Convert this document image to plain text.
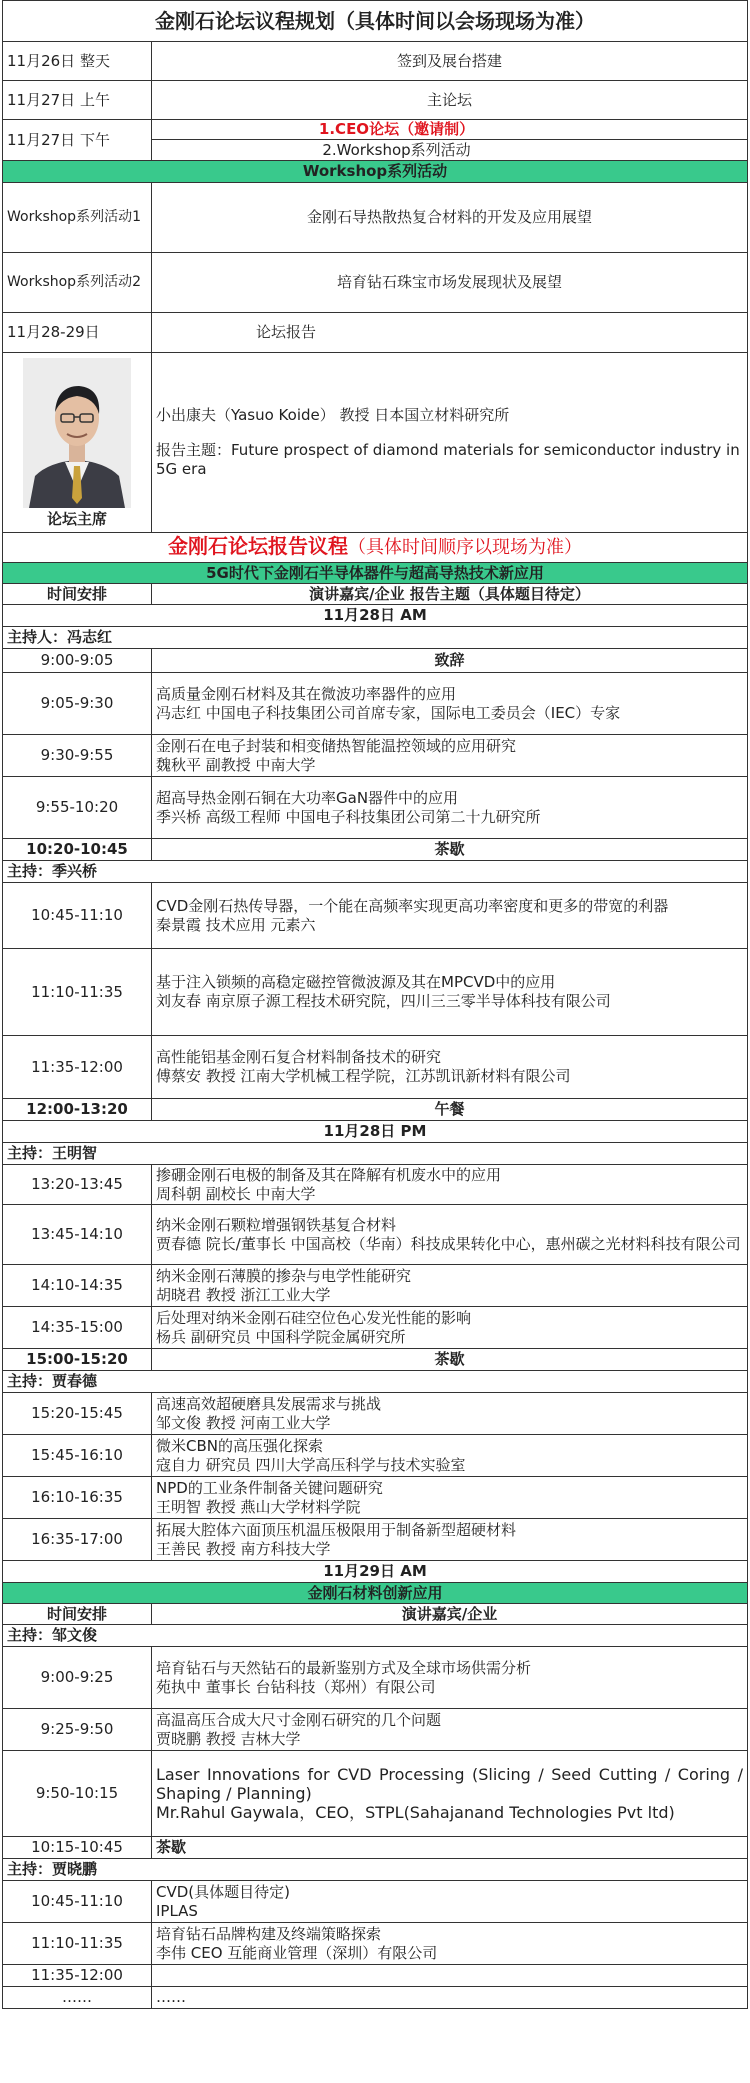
金刚石论坛议程规划（具体时间以会场现场为准）	
11月26日 整天	签到及展台搭建
11月27日 上午	主论坛
11月27日 下午	1.CEO论坛（邀请制）
	2.Workshop系列活动
Workshop系列活动	
Workshop系列活动1	金刚石导热散热复合材料的开发及应用展望
Workshop系列活动2	培育钻石珠宝市场发展现状及展望
11月28-29日	论坛报告

论坛主席	小出康夫（Yasuo Koide） 教授 日本国立材料研究所
报告主题：Future prospect of diamond materials for semiconductor industry in 5G era

金刚石论坛报告议程（具体时间顺序以现场为准）	
5G时代下金刚石半导体器件与超高导热技术新应用	
时间安排	演讲嘉宾/企业 报告主题（具体题目待定）
11月28日 AM	
主持人：冯志红	
9:00-9:05	致辞
9:05-9:30	高质量金刚石材料及其在微波功率器件的应用
冯志红 中国电子科技集团公司首席专家，国际电工委员会（IEC）专家

9:30-9:55	金刚石在电子封装和相变储热智能温控领域的应用研究
魏秋平 副教授 中南大学

9:55-10:20	超高导热金刚石铜在大功率GaN器件中的应用
季兴桥 高级工程师 中国电子科技集团公司第二十九研究所

10:20-10:45	茶歇
主持：季兴桥	
10:45-11:10	CVD金刚石热传导器，一个能在高频率实现更高功率密度和更多的带宽的利器
秦景霞 技术应用 元素六

11:10-11:35	基于注入锁频的高稳定磁控管微波源及其在MPCVD中的应用
刘友春 南京原子源工程技术研究院，四川三三零半导体科技有限公司

11:35-12:00	高性能铝基金刚石复合材料制备技术的研究
傅蔡安 教授 江南大学机械工程学院，江苏凯讯新材料有限公司

12:00-13:20	午餐
11月28日 PM	
主持：王明智	
13:20-13:45	掺硼金刚石电极的制备及其在降解有机废水中的应用
周科朝 副校长 中南大学

13:45-14:10	纳米金刚石颗粒增强钢铁基复合材料
贾春德 院长/董事长 中国高校（华南）科技成果转化中心，惠州碳之光材料科技有限公司

14:10-14:35	纳米金刚石薄膜的掺杂与电学性能研究
胡晓君 教授 浙江工业大学

14:35-15:00	后处理对纳米金刚石硅空位色心发光性能的影响
杨兵 副研究员 中国科学院金属研究所

15:00-15:20	茶歇
主持：贾春德	
15:20-15:45	高速高效超硬磨具发展需求与挑战
邹文俊 教授 河南工业大学

15:45-16:10	微米CBN的高压强化探索
寇自力 研究员 四川大学高压科学与技术实验室

16:10-16:35	NPD的工业条件制备关键问题研究
王明智 教授 燕山大学材料学院

16:35-17:00	拓展大腔体六面顶压机温压极限用于制备新型超硬材料
王善民 教授 南方科技大学

11月29日 AM	
金刚石材料创新应用	
时间安排	演讲嘉宾/企业
主持：邹文俊	
9:00-9:25	培育钻石与天然钻石的最新鉴别方式及全球市场供需分析
苑执中 董事长 台钻科技（郑州）有限公司

9:25-9:50	高温高压合成大尺寸金刚石研究的几个问题
贾晓鹏 教授 吉林大学

9:50-10:15	Laser Innovations for CVD Processing (Slicing / Seed Cutting / Coring / Shaping / Planning)
Mr.Rahul Gaywala，CEO，STPL(Sahajanand Technologies Pvt ltd)

10:15-10:45	茶歇
主持：贾晓鹏	
10:45-11:10	CVD(具体题目待定)
IPLAS

11:10-11:35	培育钻石品牌构建及终端策略探索
李伟 CEO 互能商业管理（深圳）有限公司

11:35-12:00	

……	……
